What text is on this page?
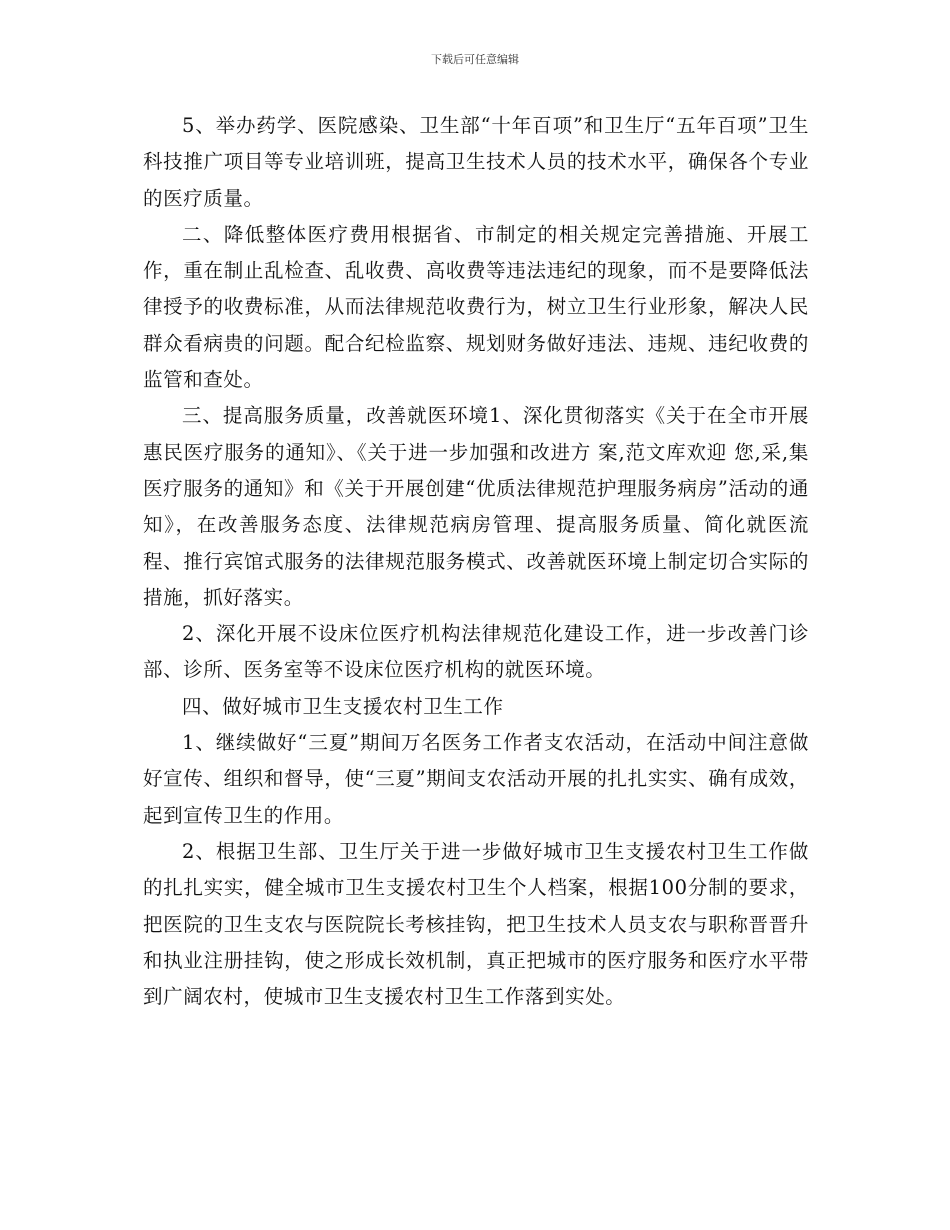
下载后可任意编辑

5、举办药学、医院感染、卫生部“十年百项”和卫生厅“五年百项”卫生科技推广项目等专业培训班，提高卫生技术人员的技术水平，确保各个专业的医疗质量。

二、降低整体医疗费用根据省、市制定的相关规定完善措施、开展工作，重在制止乱检查、乱收费、高收费等违法违纪的现象，而不是要降低法律授予的收费标准，从而法律规范收费行为，树立卫生行业形象，解决人民群众看病贵的问题。配合纪检监察、规划财务做好违法、违规、违纪收费的监管和查处。

三、提高服务质量，改善就医环境1、深化贯彻落实《关于在全市开展惠民医疗服务的通知》、《关于进一步加强和改进方 案,范文库欢迎 您,采,集医疗服务的通知》和《关于开展创建“优质法律规范护理服务病房”活动的通知》，在改善服务态度、法律规范病房管理、提高服务质量、简化就医流程、推行宾馆式服务的法律规范服务模式、改善就医环境上制定切合实际的措施，抓好落实。

2、深化开展不设床位医疗机构法律规范化建设工作，进一步改善门诊部、诊所、医务室等不设床位医疗机构的就医环境。

四、做好城市卫生支援农村卫生工作

1、继续做好“三夏”期间万名医务工作者支农活动，在活动中间注意做好宣传、组织和督导，使“三夏”期间支农活动开展的扎扎实实、确有成效，起到宣传卫生的作用。

2、根据卫生部、卫生厅关于进一步做好城市卫生支援农村卫生工作做的扎扎实实，健全城市卫生支援农村卫生个人档案，根据100分制的要求，把医院的卫生支农与医院院长考核挂钩，把卫生技术人员支农与职称晋晋升和执业注册挂钩，使之形成长效机制，真正把城市的医疗服务和医疗水平带到广阔农村，使城市卫生支援农村卫生工作落到实处。
